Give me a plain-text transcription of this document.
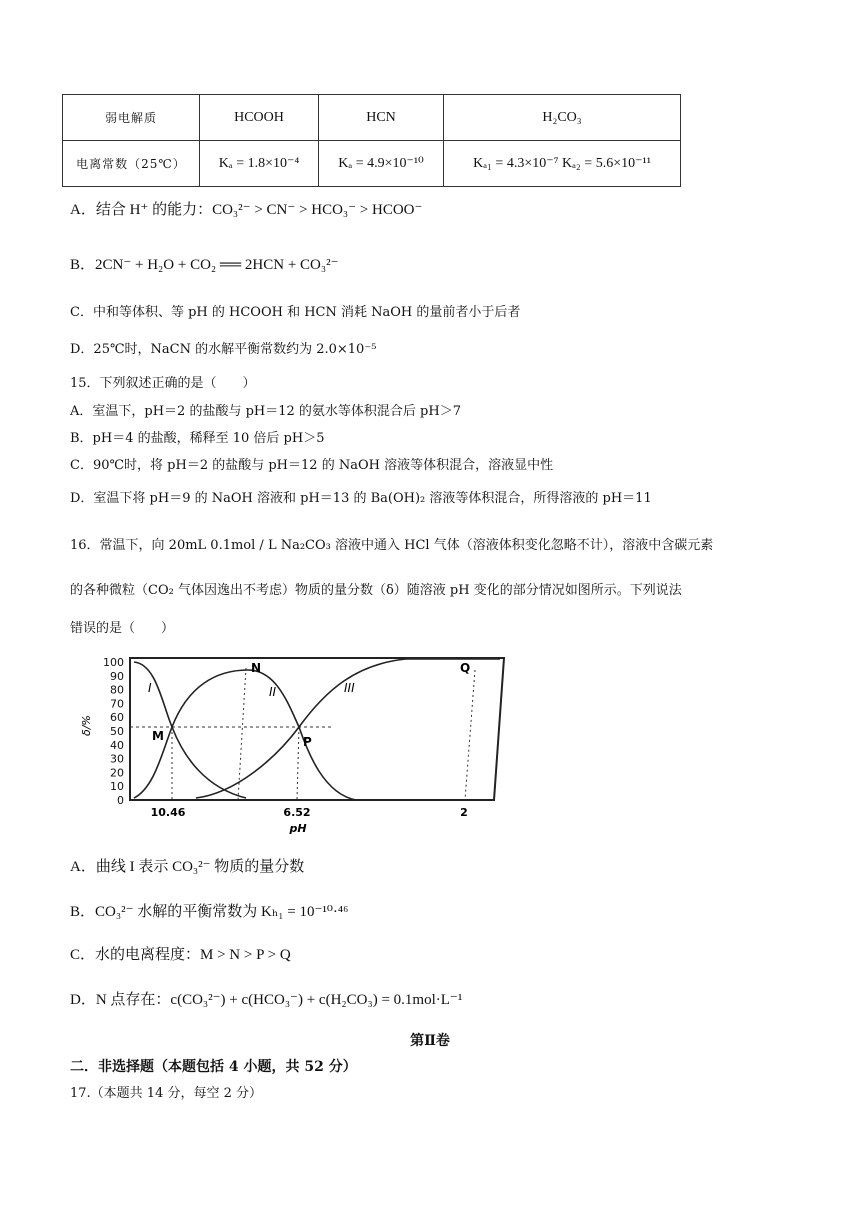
弱电解质	HCOOH	HCN	H₂CO₃
电离常数（25℃）	Kₐ = 1.8×10⁻⁴	Kₐ = 4.9×10⁻¹⁰	Kₐ₁ = 4.3×10⁻⁷ Kₐ₂ = 5.6×10⁻¹¹
A．结合 H⁺ 的能力：CO₃²⁻ > CN⁻ > HCO₃⁻ > HCOO⁻
B．2CN⁻ + H₂O + CO₂ ══ 2HCN + CO₃²⁻
C．中和等体积、等 pH 的 HCOOH 和 HCN 消耗 NaOH 的量前者小于后者
D．25℃时，NaCN 的水解平衡常数约为 2.0×10⁻⁵
15．下列叙述正确的是（　　）
A．室温下，pH＝2 的盐酸与 pH＝12 的氨水等体积混合后 pH＞7
B．pH＝4 的盐酸，稀释至 10 倍后 pH＞5
C．90℃时，将 pH＝2 的盐酸与 pH＝12 的 NaOH 溶液等体积混合，溶液显中性
D．室温下将 pH＝9 的 NaOH 溶液和 pH＝13 的 Ba(OH)₂ 溶液等体积混合，所得溶液的 pH＝11
16．常温下，向 20mL 0.1mol / L Na₂CO₃ 溶液中通入 HCl 气体（溶液体积变化忽略不计），溶液中含碳元素
的各种微粒（CO₂ 气体因逸出不考虑）物质的量分数（δ）随溶液 pH 变化的部分情况如图所示。下列说法
错误的是（　　）
100
90
80
70
60
50
40
30
20
10
0
δ/%
I	II	III
M
N
P
Q
10.46	6.52	2
pH
A．曲线 I 表示 CO₃²⁻ 物质的量分数
B．CO₃²⁻ 水解的平衡常数为 Kₕ₁ = 10⁻¹⁰·⁴⁶
C．水的电离程度：M > N > P > Q
D．N 点存在：c(CO₃²⁻) + c(HCO₃⁻) + c(H₂CO₃) = 0.1mol·L⁻¹
第Ⅱ卷
二．非选择题（本题包括 4 小题，共 52 分）
17.（本题共 14 分，每空 2 分）
